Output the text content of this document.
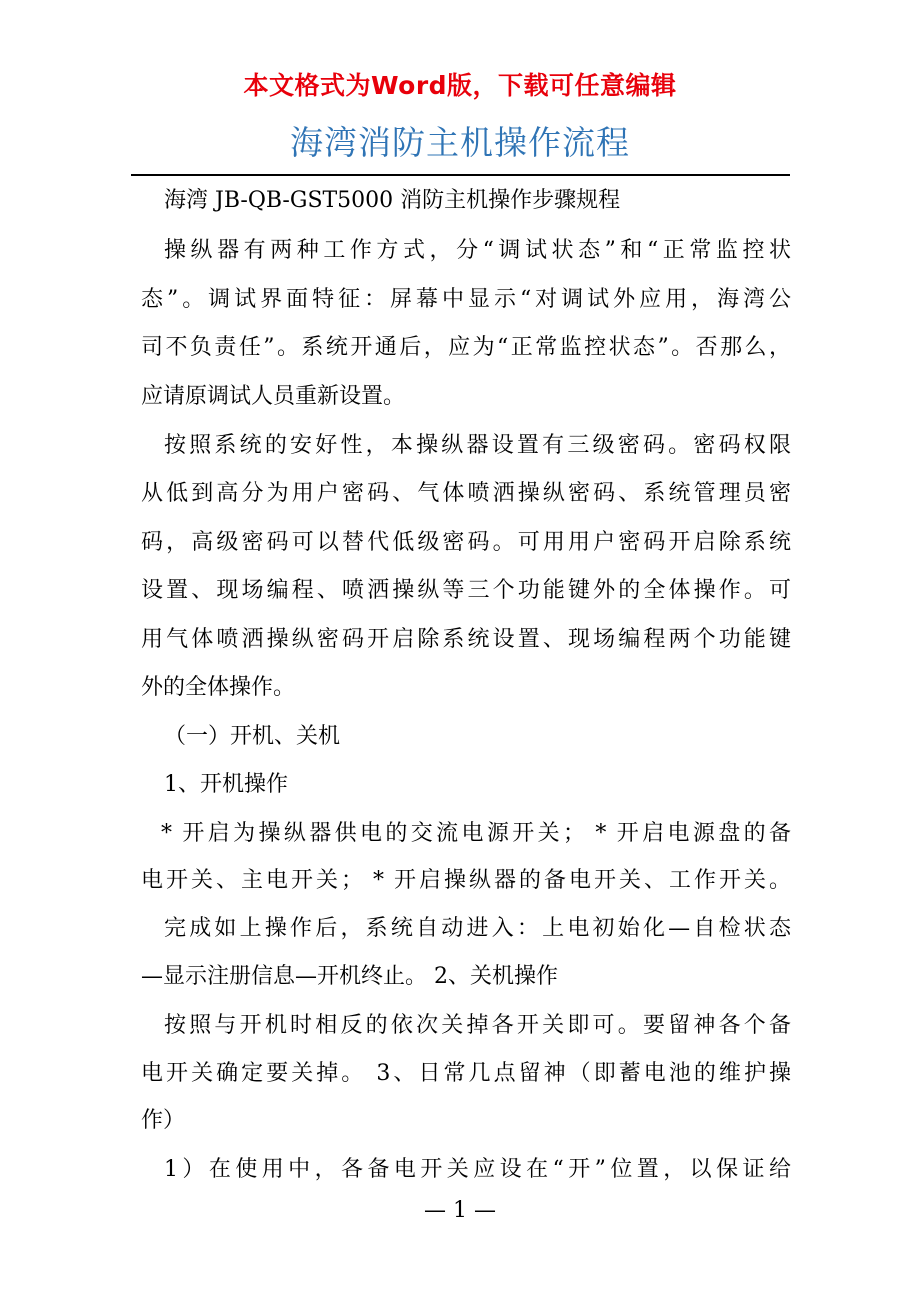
本文格式为Word版，下载可任意编辑
海湾消防主机操作流程
海湾 JB-QB-GST5000 消防主机操作步骤规程
操纵器有两种工作方式，分“调试状态”和“正常监控状
态”。调试界面特征：屏幕中显示“对调试外应用，海湾公
司不负责任”。系统开通后，应为“正常监控状态”。否那么，
应请原调试人员重新设置。
按照系统的安好性，本操纵器设置有三级密码。密码权限
从低到高分为用户密码、气体喷洒操纵密码、系统管理员密
码，高级密码可以替代低级密码。可用用户密码开启除系统
设置、现场编程、喷洒操纵等三个功能键外的全体操作。可
用气体喷洒操纵密码开启除系统设置、现场编程两个功能键
外的全体操作。
（一）开机、关机
1、开机操作
* 开启为操纵器供电的交流电源开关； * 开启电源盘的备
电开关、主电开关； * 开启操纵器的备电开关、工作开关。
完成如上操作后，系统自动进入：上电初始化—自检状态
—显示注册信息—开机终止。 2、关机操作
按照与开机时相反的依次关掉各开关即可。要留神各个备
电开关确定要关掉。 3、日常几点留神（即蓄电池的维护操
作）
1）在使用中，各备电开关应设在“开”位置，以保证给
— 1 —
